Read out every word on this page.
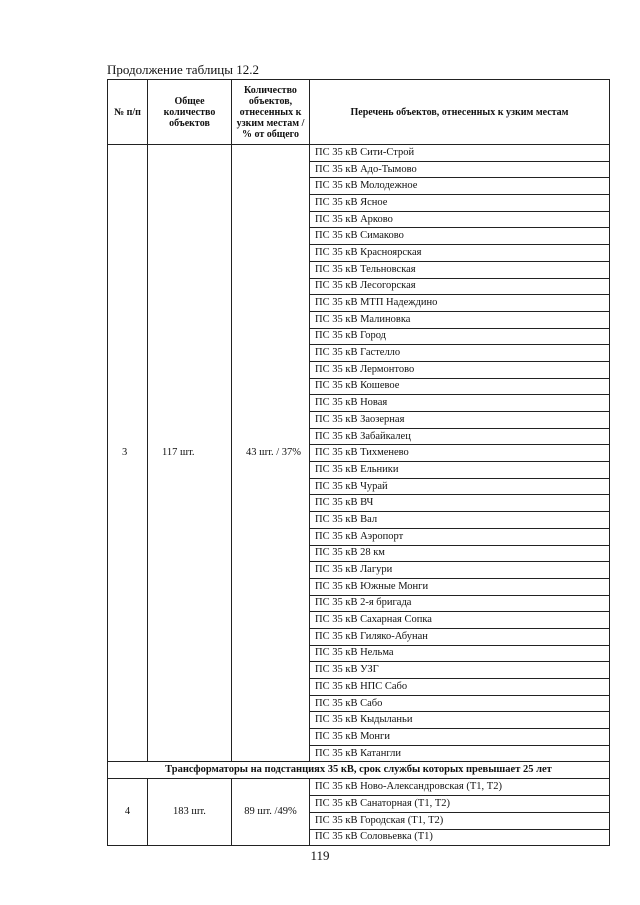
Продолжение таблицы 12.2
№ п/п	Общее количество объектов	Количество объектов, отнесенных к узким местам / % от общего	Перечень объектов, отнесенных к узким местам
3	117 шт.	43 шт. / 37%	ПС 35 кВ Сити-Строй
			ПС 35 кВ Адо-Тымово
			ПС 35 кВ Молодежное
			ПС 35 кВ Ясное
			ПС 35 кВ Арково
			ПС 35 кВ Симаково
			ПС 35 кВ Красноярская
			ПС 35 кВ Тельновская
			ПС 35 кВ Лесогорская
			ПС 35 кВ МТП Надеждино
			ПС 35 кВ Малиновка
			ПС 35 кВ Город
			ПС 35 кВ Гастелло
			ПС 35 кВ Лермонтово
			ПС 35 кВ Кошевое
			ПС 35 кВ Новая
			ПС 35 кВ Заозерная
			ПС 35 кВ Забайкалец
			ПС 35 кВ Тихменево
			ПС 35 кВ Ельники
			ПС 35 кВ Чурай
			ПС 35 кВ ВЧ
			ПС 35 кВ Вал
			ПС 35 кВ Аэропорт
			ПС 35 кВ 28 км
			ПС 35 кВ Лагури
			ПС 35 кВ Южные Монги
			ПС 35 кВ 2-я бригада
			ПС 35 кВ Сахарная Сопка
			ПС 35 кВ Гиляко-Абунан
			ПС 35 кВ Нельма
			ПС 35 кВ УЗГ
			ПС 35 кВ НПС Сабо
			ПС 35 кВ Сабо
			ПС 35 кВ Кыдыланьи
			ПС 35 кВ Монги
			ПС 35 кВ Катангли
Трансформаторы на подстанциях 35 кВ, срок службы которых превышает 25 лет			
4	183 шт.	89 шт. /49%	ПС 35 кВ Ново-Александровская (Т1, Т2)
			ПС 35 кВ Санаторная (Т1, Т2)
			ПС 35 кВ Городская (Т1, Т2)
			ПС 35 кВ Соловьевка (Т1)
119
